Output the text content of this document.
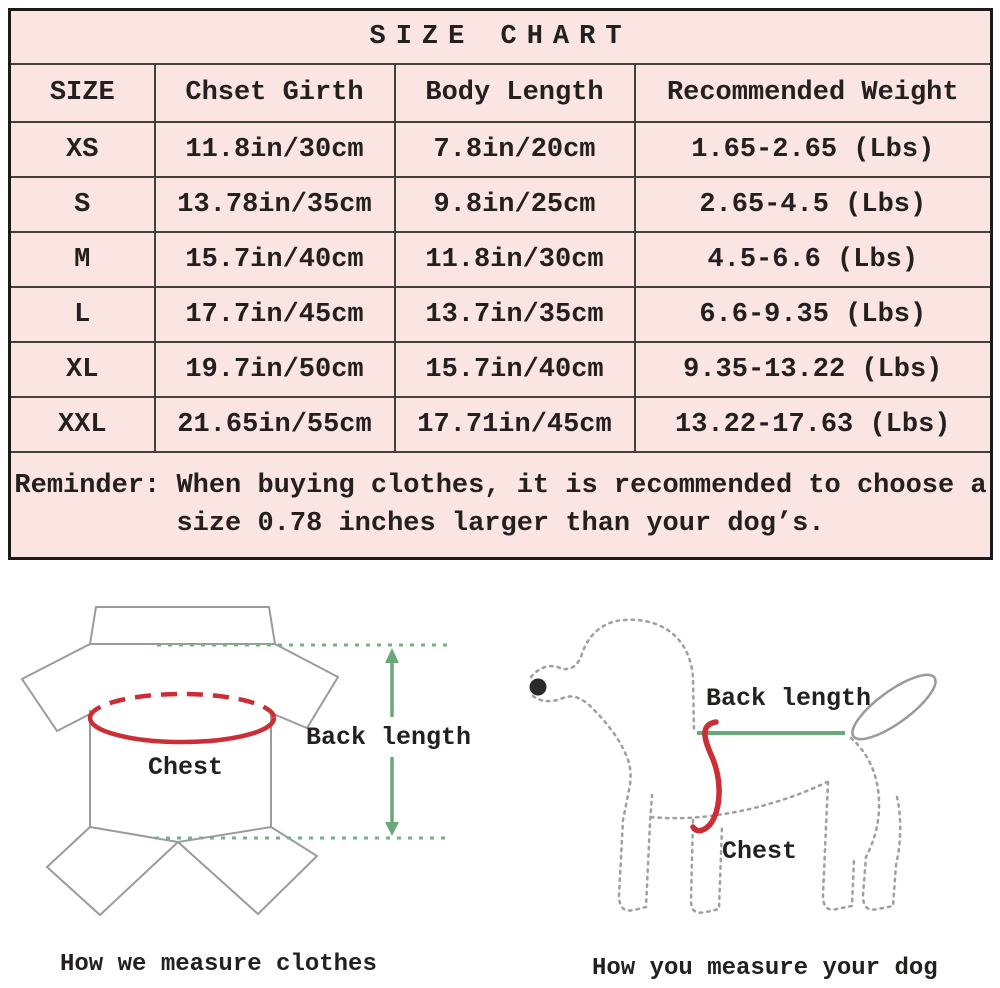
SIZE CHART			
SIZE	Chset Girth	Body Length	Recommended Weight
XS	11.8in/30cm	7.8in/20cm	1.65-2.65 (Lbs)
S	13.78in/35cm	9.8in/25cm	2.65-4.5 (Lbs)
M	15.7in/40cm	11.8in/30cm	4.5-6.6 (Lbs)
L	17.7in/45cm	13.7in/35cm	6.6-9.35 (Lbs)
XL	19.7in/50cm	15.7in/40cm	9.35-13.22 (Lbs)
XXL	21.65in/55cm	17.71in/45cm	13.22-17.63 (Lbs)

Reminder: When buying clothes, it is recommended to choose a
size 0.78 inches larger than your dog’s.			
Back length
Chest
Back length
Chest
How we measure clothes	How you measure your dog
